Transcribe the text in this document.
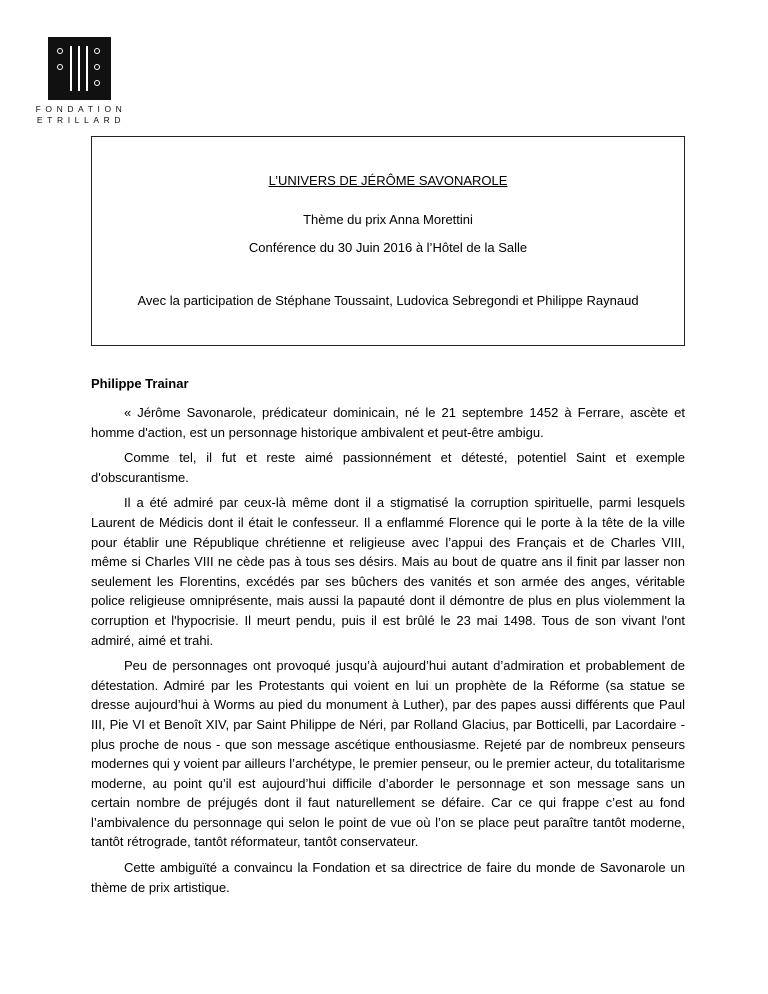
FONDATION
ETRILLARD
L’UNIVERS DE JÉRÔME SAVONAROLE
Thème du prix Anna Morettini
Conférence du 30 Juin 2016 à l’Hôtel de la Salle
Avec la participation de Stéphane Toussaint, Ludovica Sebregondi et Philippe Raynaud
Philippe Trainar

« Jérôme Savonarole, prédicateur dominicain, né le 21 septembre 1452 à Ferrare, ascète et homme d'action, est un personnage historique ambivalent et peut-être ambigu.

Comme tel, il fut et reste aimé passionnément et détesté, potentiel Saint et exemple d'obscurantisme.

Il a été admiré par ceux-là même dont il a stigmatisé la corruption spirituelle, parmi lesquels Laurent de Médicis dont il était le confesseur. Il a enflammé Florence qui le porte à la tête de la ville pour établir une République chrétienne et religieuse avec l’appui des Français et de Charles VIII, même si Charles VIII ne cède pas à tous ses désirs. Mais au bout de quatre ans il finit par lasser non seulement les Florentins, excédés par ses bûchers des vanités et son armée des anges, véritable police religieuse omniprésente, mais aussi la papauté dont il démontre de plus en plus violemment la corruption et l'hypocrisie. Il meurt pendu, puis il est brûlé le 23 mai 1498. Tous de son vivant l'ont admiré, aimé et trahi.

Peu de personnages ont provoqué jusqu’à aujourd’hui autant d’admiration et probablement de détestation. Admiré par les Protestants qui voient en lui un prophète de la Réforme (sa statue se dresse aujourd’hui à Worms au pied du monument à Luther), par des papes aussi différents que Paul III, Pie VI et Benoît XIV, par Saint Philippe de Néri, par Rolland Glacius, par Botticelli, par Lacordaire - plus proche de nous - que son message ascétique enthousiasme. Rejeté par de nombreux penseurs modernes qui y voient par ailleurs l’archétype, le premier penseur, ou le premier acteur, du totalitarisme moderne, au point qu’il est aujourd’hui difficile d’aborder le personnage et son message sans un certain nombre de préjugés dont il faut naturellement se défaire. Car ce qui frappe c’est au fond l’ambivalence du personnage qui selon le point de vue où l’on se place peut paraître tantôt moderne, tantôt rétrograde, tantôt réformateur, tantôt conservateur.

Cette ambiguïté a convaincu la Fondation et sa directrice de faire du monde de Savonarole un thème de prix artistique.
